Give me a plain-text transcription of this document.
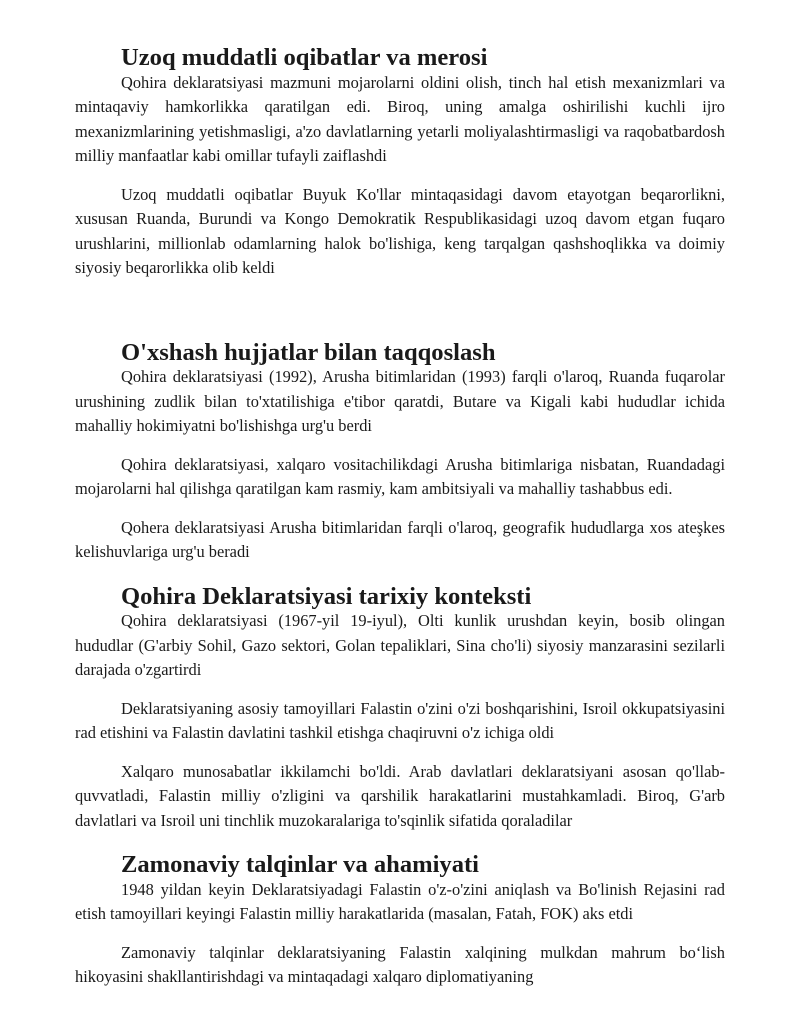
Uzoq muddatli oqibatlar va merosi

Qohira deklaratsiyasi mazmuni mojarolarni oldini olish, tinch hal etish mexanizmlari va mintaqaviy hamkorlikka qaratilgan edi. Biroq, uning amalga oshirilishi kuchli ijro mexanizmlarining yetishmasligi, a'zo davlatlarning yetarli moliyalashtirmasligi va raqobatbardosh milliy manfaatlar kabi omillar tufayli zaiflashdi

Uzoq muddatli oqibatlar Buyuk Ko'llar mintaqasidagi davom etayotgan beqarorlikni, xususan Ruanda, Burundi va Kongo Demokratik Respublikasidagi uzoq davom etgan fuqaro urushlarini, millionlab odamlarning halok bo'lishiga, keng tarqalgan qashshoqlikka va doimiy siyosiy beqarorlikka olib keldi

O'xshash hujjatlar bilan taqqoslash

Qohira deklaratsiyasi (1992), Arusha bitimlaridan (1993) farqli o'laroq, Ruanda fuqarolar urushining zudlik bilan to'xtatilishiga e'tibor qaratdi, Butare va Kigali kabi hududlar ichida mahalliy hokimiyatni bo'lishishga urg'u berdi

Qohira deklaratsiyasi, xalqaro vositachilikdagi Arusha bitimlariga nisbatan, Ruandadagi mojarolarni hal qilishga qaratilgan kam rasmiy, kam ambitsiyali va mahalliy tashabbus edi.

Qohera deklaratsiyasi Arusha bitimlaridan farqli o'laroq, geografik hududlarga xos ateşkes kelishuvlariga urg'u beradi

Qohira Deklaratsiyasi tarixiy konteksti

Qohira deklaratsiyasi (1967-yil 19-iyul), Olti kunlik urushdan keyin, bosib olingan hududlar (G'arbiy Sohil, Gazo sektori, Golan tepaliklari, Sina cho'li) siyosiy manzarasini sezilarli darajada o'zgartirdi

Deklaratsiyaning asosiy tamoyillari Falastin o'zini o'zi boshqarishini, Isroil okkupatsiyasini rad etishini va Falastin davlatini tashkil etishga chaqiruvni o'z ichiga oldi

Xalqaro munosabatlar ikkilamchi bo'ldi. Arab davlatlari deklaratsiyani asosan qo'llab-quvvatladi, Falastin milliy o'zligini va qarshilik harakatlarini mustahkamladi. Biroq, G'arb davlatlari va Isroil uni tinchlik muzokaralariga to'sqinlik sifatida qoraladilar

Zamonaviy talqinlar va ahamiyati

1948 yildan keyin Deklaratsiyadagi Falastin o'z-o'zini aniqlash va Bo'linish Rejasini rad etish tamoyillari keyingi Falastin milliy harakatlarida (masalan, Fatah, FOK) aks etdi

Zamonaviy talqinlar deklaratsiyaning Falastin xalqining mulkdan mahrum bo‘lish hikoyasini shakllantirishdagi va mintaqadagi xalqaro diplomatiyaning
